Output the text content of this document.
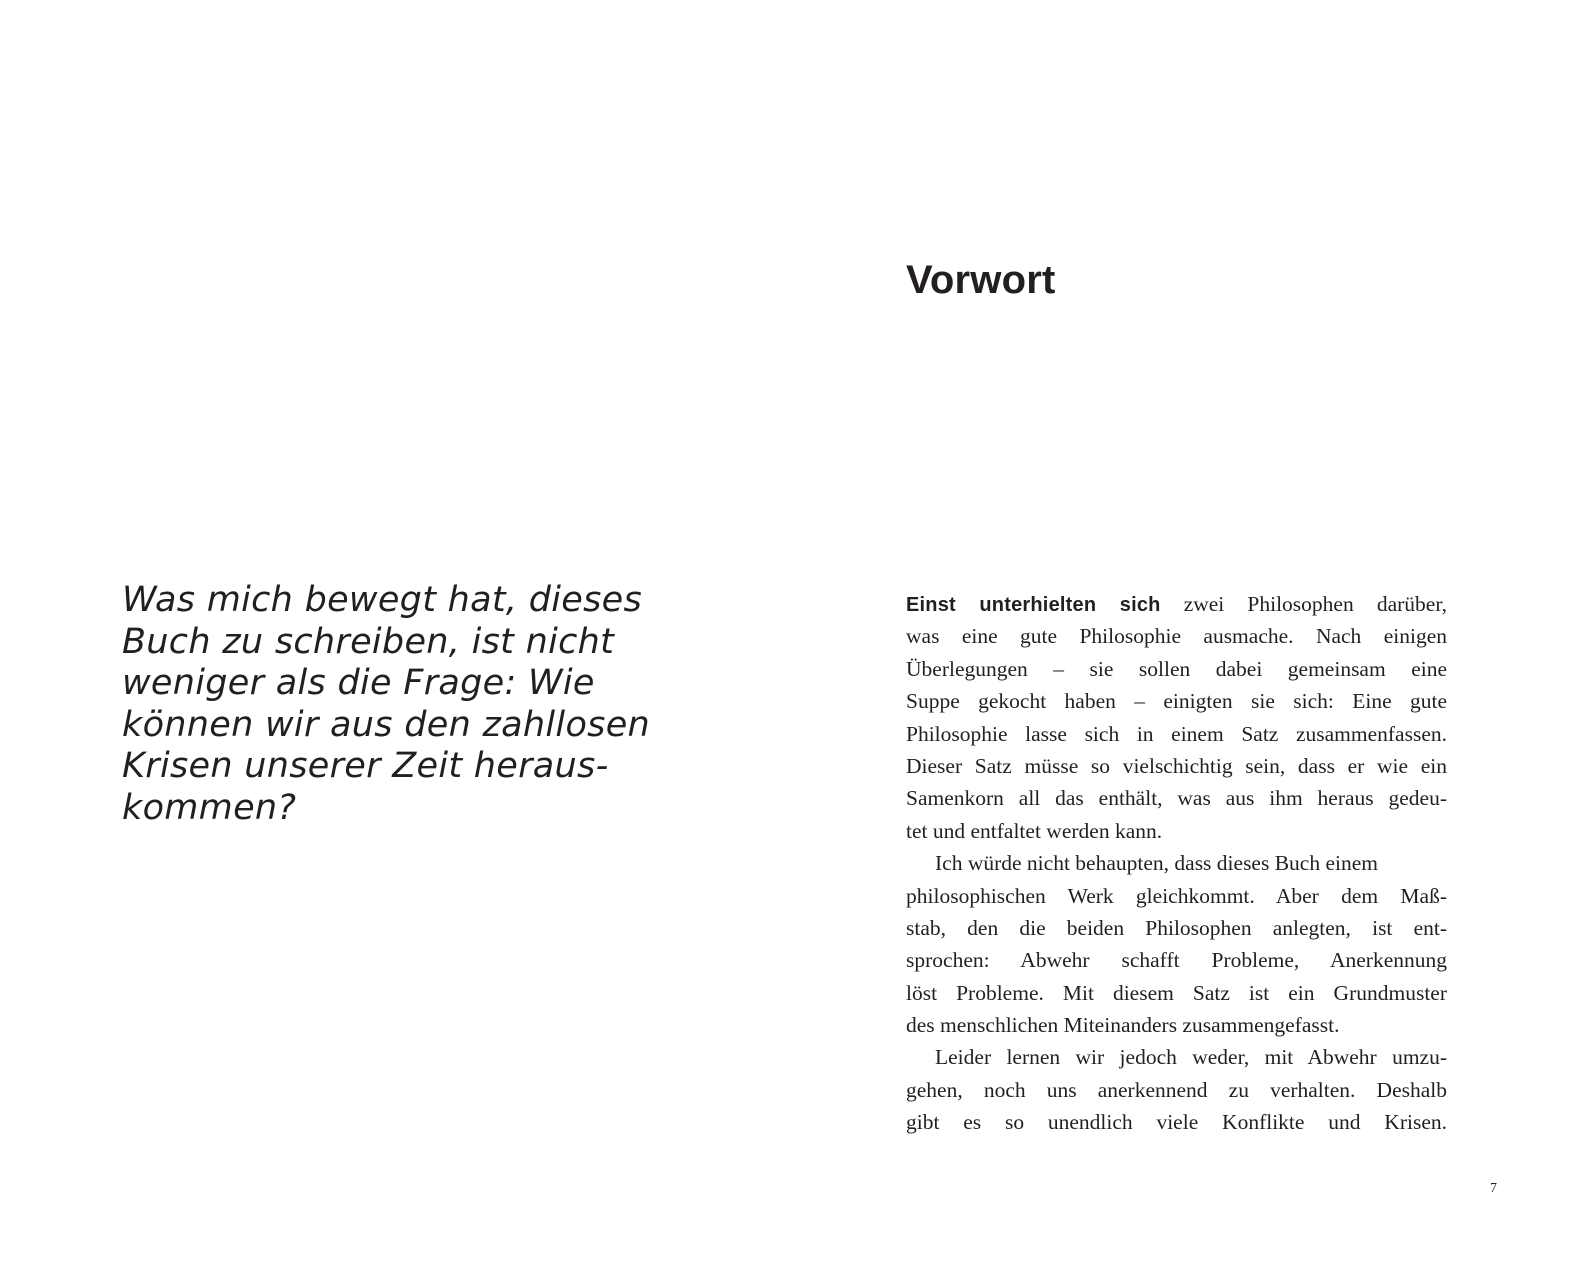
Was mich bewegt hat, dieses
Buch zu schreiben, ist nicht
weniger als die Frage: Wie
können wir aus den zahllosen
Krisen unserer Zeit heraus-
kommen?
Vorwort
Einst unterhielten sich zwei Philosophen darüber,
was eine gute Philosophie ausmache. Nach einigen
Überlegungen – sie sollen dabei gemeinsam eine
Suppe gekocht haben – einigten sie sich: Eine gute
Philosophie lasse sich in einem Satz zusammenfassen.
Dieser Satz müsse so vielschichtig sein, dass er wie ein
Samenkorn all das enthält, was aus ihm heraus gedeu-
tet und entfaltet werden kann.
Ich würde nicht behaupten, dass dieses Buch einem
philosophischen Werk gleichkommt. Aber dem Maß-
stab, den die beiden Philosophen anlegten, ist ent-
sprochen: Abwehr schafft Probleme, Anerkennung
löst Probleme. Mit diesem Satz ist ein Grundmuster
des menschlichen Miteinanders zusammengefasst.
Leider lernen wir jedoch weder, mit Abwehr umzu-
gehen, noch uns anerkennend zu verhalten. Deshalb
gibt es so unendlich viele Konflikte und Krisen.
7
